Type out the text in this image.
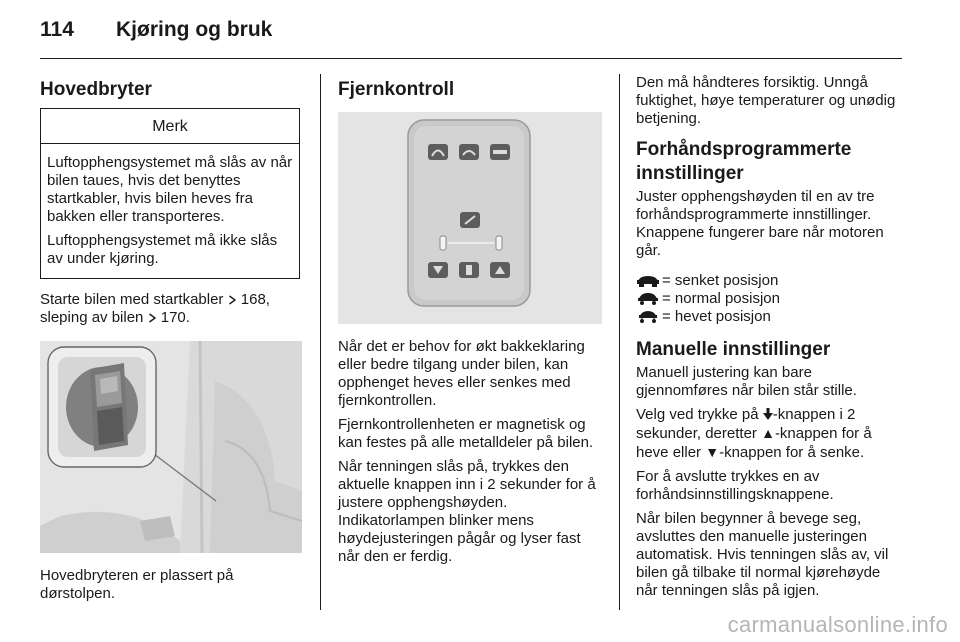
114 Kjøring og bruk
Hovedbryter
Merk

Luftopphengsystemet må slås av når bilen taues, hvis det benyttes startkabler, hvis bilen heves fra bakken eller transporteres.

Luftopphengsystemet må ikke slås av under kjøring.

Starte bilen med startkabler  168, sleping av bilen  170.

Hovedbryteren er plassert på dørstolpen.

Fjernkontroll

Når det er behov for økt bakkeklaring eller bedre tilgang under bilen, kan opphenget heves eller senkes med fjernkontrollen.

Fjernkontrollenheten er magnetisk og kan festes på alle metalldeler på bilen.

Når tenningen slås på, trykkes den aktuelle knappen inn i 2 sekunder for å justere opphengshøyden. Indikatorlampen blinker mens høydejusteringen pågår og lyser fast når den er ferdig.

Den må håndteres forsiktig. Unngå fuktighet, høye temperaturer og unødig betjening.

Forhåndsprogrammerte innstillinger

Juster opphengshøyden til en av tre forhåndsprogrammerte innstillinger. Knappene fungerer bare når motoren går.

= senket posisjon
= normal posisjon
= hevet posisjon
Manuelle innstillinger

Manuell justering kan bare gjennomføres når bilen står stille.

Velg ved trykke på -knappen i 2 sekunder, deretter ▲-knappen for å heve eller ▼-knappen for å senke.

For å avslutte trykkes en av forhåndsinnstillingsknappene.

Når bilen begynner å bevege seg, avsluttes den manuelle justeringen automatisk. Hvis tenningen slås av, vil bilen gå tilbake til normal kjørehøyde når tenningen slås på igjen.

carmanualsonline.info
